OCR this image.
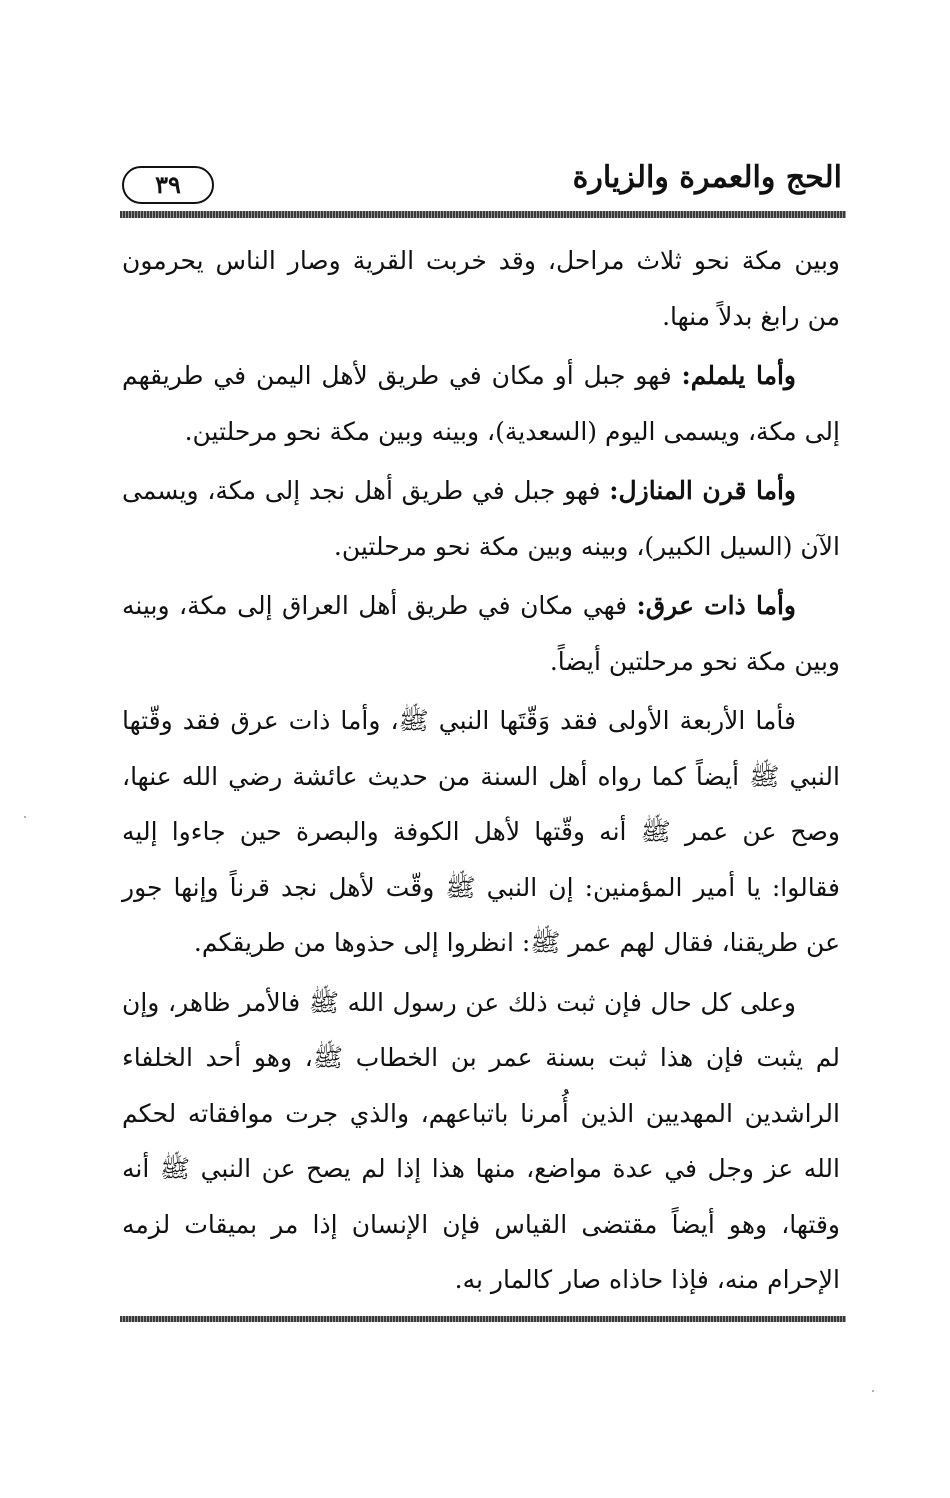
الحج والعمرة والزيارة
٣٩

وبين مكة نحو ثلاث مراحل، وقد خربت القرية وصار الناس يحرمون من رابغ بدلاً منها.

وأما يلملم: فهو جبل أو مكان في طريق لأهل اليمن في طريقهم إلى مكة، ويسمى اليوم (السعدية)، وبينه وبين مكة نحو مرحلتين.

وأما قرن المنازل: فهو جبل في طريق أهل نجد إلى مكة، ويسمى الآن (السيل الكبير)، وبينه وبين مكة نحو مرحلتين.

وأما ذات عرق: فهي مكان في طريق أهل العراق إلى مكة، وبينه وبين مكة نحو مرحلتين أيضاً.

فأما الأربعة الأولى فقد وَقّتَها النبي ﷺ، وأما ذات عرق فقد وقّتها النبي ﷺ أيضاً كما رواه أهل السنة من حديث عائشة رضي الله عنها، وصح عن عمر ﷺ أنه وقّتها لأهل الكوفة والبصرة حين جاءوا إليه فقالوا: يا أمير المؤمنين: إن النبي ﷺ وقّت لأهل نجد قرناً وإنها جور عن طريقنا، فقال لهم عمر ﷺ: انظروا إلى حذوها من طريقكم.

وعلى كل حال فإن ثبت ذلك عن رسول الله ﷺ فالأمر ظاهر، وإن لم يثبت فإن هذا ثبت بسنة عمر بن الخطاب ﷺ، وهو أحد الخلفاء الراشدين المهديين الذين أُمرنا باتباعهم، والذي جرت موافقاته لحكم الله عز وجل في عدة مواضع، منها هذا إذا لم يصح عن النبي ﷺ أنه وقتها، وهو أيضاً مقتضى القياس فإن الإنسان إذا مر بميقات لزمه الإحرام منه، فإذا حاذاه صار كالمار به.
